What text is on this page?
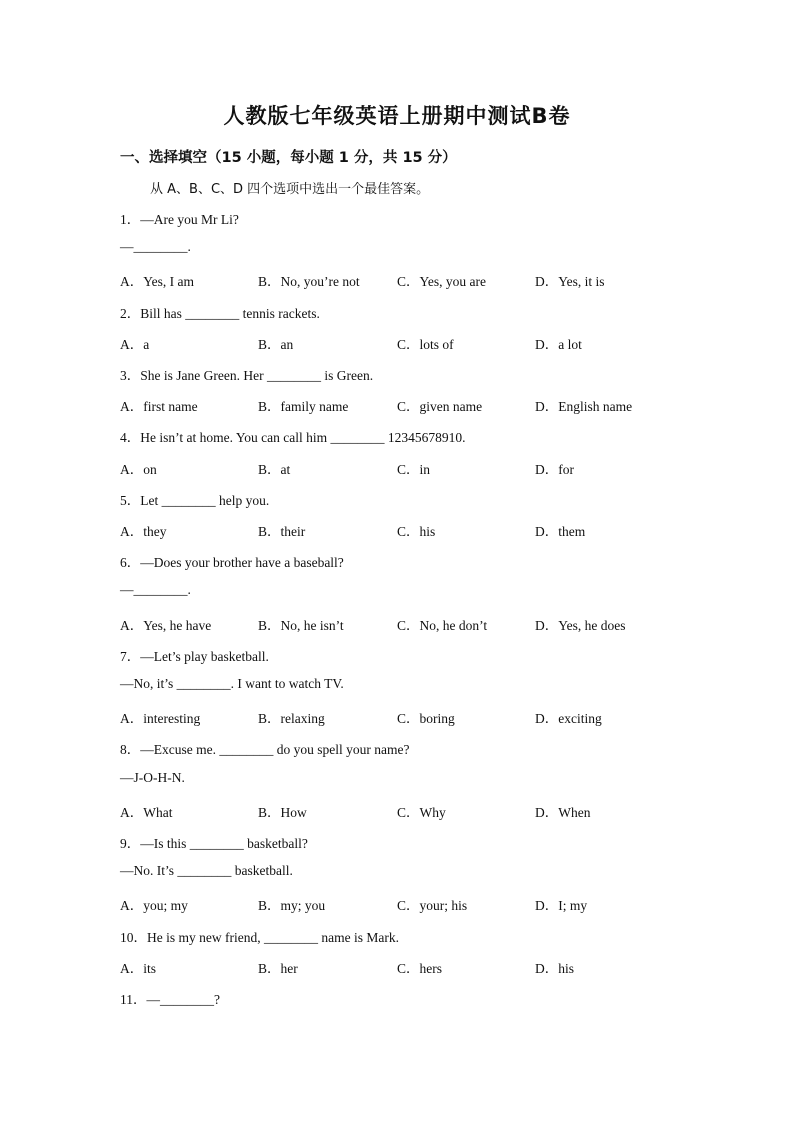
人教版七年级英语上册期中测试B卷
一、选择填空（15 小题，每小题 1 分，共 15 分）
从 A、B、C、D 四个选项中选出一个最佳答案。
1．—Are you Mr Li?
—________.
A．Yes, I am	B．No, you’re not	C．Yes, you are	D．Yes, it is
2．Bill has ________ tennis rackets.
A．a	B．an	C．lots of	D．a lot
3．She is Jane Green. Her ________ is Green.
A．first name	B．family name	C．given name	D．English name
4．He isn’t at home. You can call him ________ 12345678910.
A．on	B．at	C．in	D．for
5．Let ________ help you.
A．they	B．their	C．his	D．them
6．—Does your brother have a baseball?
—________.
A．Yes, he have	B．No, he isn’t	C．No, he don’t	D．Yes, he does
7．—Let’s play basketball.
—No, it’s ________. I want to watch TV.
A．interesting	B．relaxing	C．boring	D．exciting
8．—Excuse me. ________ do you spell your name?
—J-O-H-N.
A．What	B．How	C．Why	D．When
9．—Is this ________ basketball?
—No. It’s ________ basketball.
A．you; my	B．my; you	C．your; his	D．I; my
10．He is my new friend, ________ name is Mark.
A．its	B．her	C．hers	D．his
11．—________?
